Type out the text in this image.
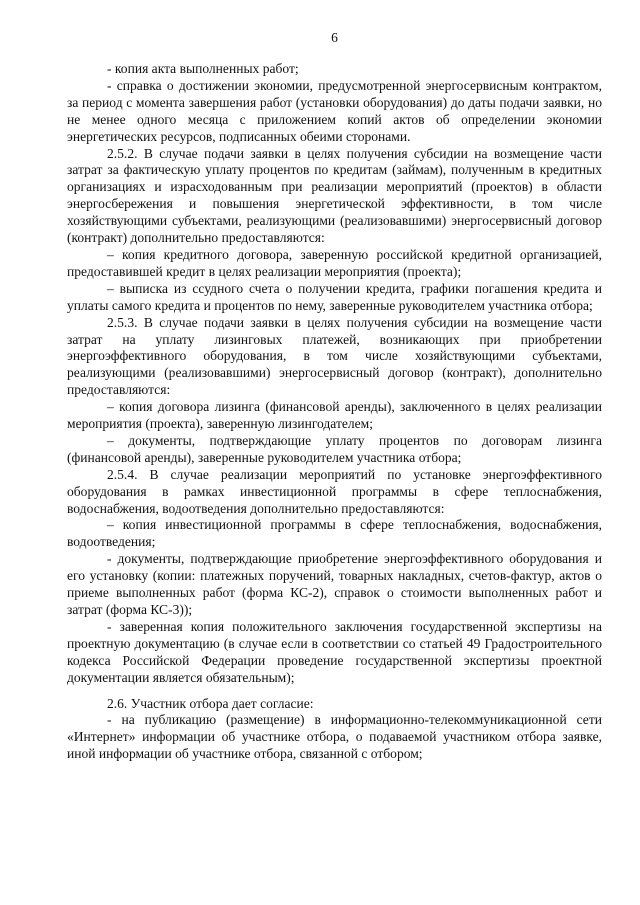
6

- копия акта выполненных работ;

- справка о достижении экономии, предусмотренной энергосервисным контрактом, за период с момента завершения работ (установки оборудования) до даты подачи заявки, но не менее одного месяца с приложением копий актов об определении экономии энергетических ресурсов, подписанных обеими сторонами.

2.5.2. В случае подачи заявки в целях получения субсидии на возмещение части затрат за фактическую уплату процентов по кредитам (займам), полученным в кредитных организациях и израсходованным при реализации мероприятий (проектов) в области энергосбережения и повышения энергетической эффективности, в том числе хозяйствующими субъектами, реализующими (реализовавшими) энергосервисный договор (контракт) дополнительно предоставляются:

– копия кредитного договора, заверенную российской кредитной организацией, предоставившей кредит в целях реализации мероприятия (проекта);

– выписка из ссудного счета о получении кредита, графики погашения кредита и уплаты самого кредита и процентов по нему, заверенные руководителем участника отбора;

2.5.3. В случае подачи заявки в целях получения субсидии на возмещение части затрат на уплату лизинговых платежей, возникающих при приобретении энергоэффективного оборудования, в том числе хозяйствующими субъектами, реализующими (реализовавшими) энергосервисный договор (контракт), дополнительно предоставляются:

– копия договора лизинга (финансовой аренды), заключенного в целях реализации мероприятия (проекта), заверенную лизингодателем;

– документы, подтверждающие уплату процентов по договорам лизинга (финансовой аренды), заверенные руководителем участника отбора;

2.5.4. В случае реализации мероприятий по установке энергоэффективного оборудования в рамках инвестиционной программы в сфере теплоснабжения, водоснабжения, водоотведения дополнительно предоставляются:

– копия инвестиционной программы в сфере теплоснабжения, водоснабжения, водоотведения;

- документы, подтверждающие приобретение энергоэффективного оборудования и его установку (копии: платежных поручений, товарных накладных, счетов-фактур, актов о приеме выполненных работ (форма КС-2), справок о стоимости выполненных работ и затрат (форма КС-3));

- заверенная копия положительного заключения государственной экспертизы на проектную документацию (в случае если в соответствии со статьей 49 Градостроительного кодекса Российской Федерации проведение государственной экспертизы проектной документации является обязательным);

2.6. Участник отбора дает согласие:

- на публикацию (размещение) в информационно-телекоммуникационной сети «Интернет» информации об участнике отбора, о подаваемой участником отбора заявке, иной информации об участнике отбора, связанной с отбором;
